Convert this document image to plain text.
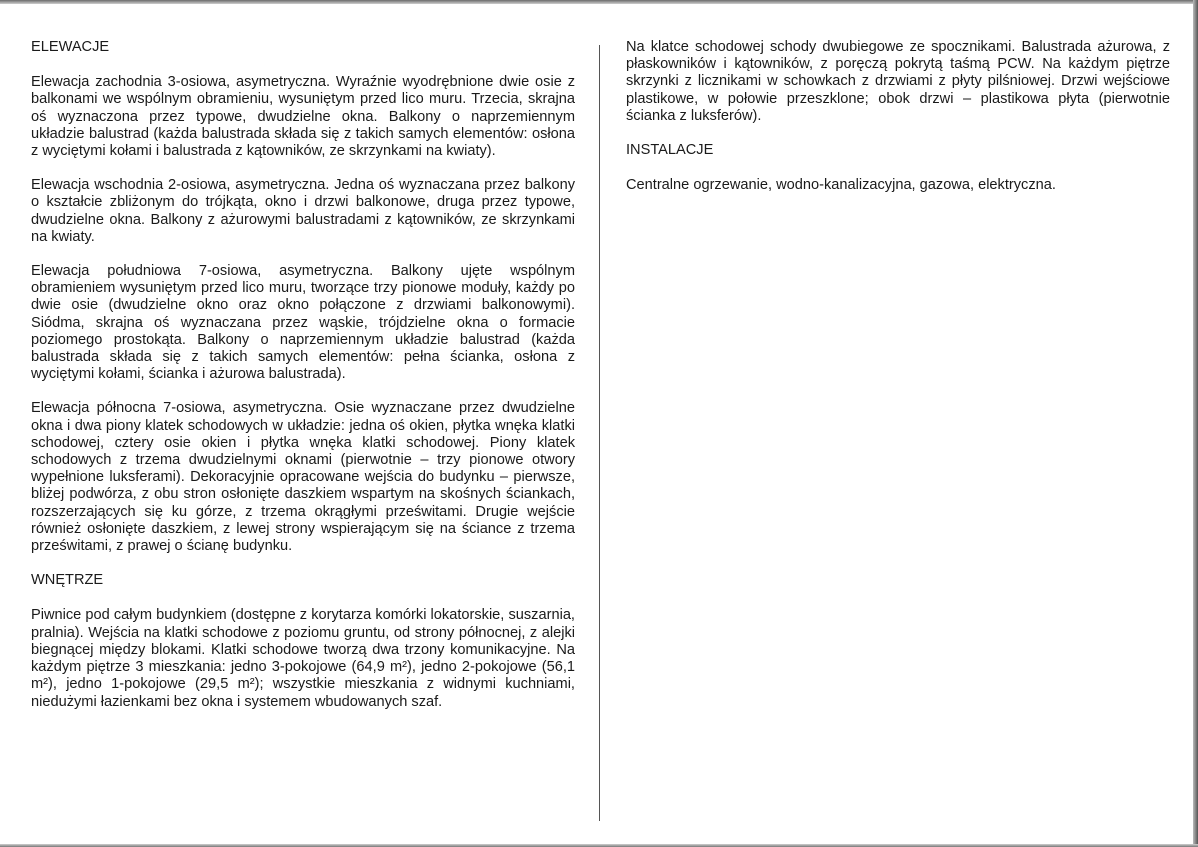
ELEWACJE

Elewacja zachodnia 3-osiowa, asymetryczna. Wyraźnie wyodrębnione dwie osie z balkonami we wspólnym obramieniu, wysuniętym przed lico muru. Trzecia, skrajna oś wyznaczona przez typowe, dwudzielne okna. Balkony o naprzemiennym układzie balustrad (każda balustrada składa się z takich samych elementów: osłona z wyciętymi kołami i balustrada z kątowników, ze skrzynkami na kwiaty).

Elewacja wschodnia 2-osiowa, asymetryczna. Jedna oś wyznaczana przez balkony o kształcie zbliżonym do trójkąta, okno i drzwi balkonowe, druga przez typowe, dwudzielne okna. Balkony z ażurowymi balustradami z kątowników, ze skrzynkami na kwiaty.

Elewacja południowa 7-osiowa, asymetryczna. Balkony ujęte wspólnym obramieniem wysuniętym przed lico muru, tworzące trzy pionowe moduły, każdy po dwie osie (dwudzielne okno oraz okno połączone z drzwiami balkonowymi). Siódma, skrajna oś wyznaczana przez wąskie, trójdzielne okna o formacie poziomego prostokąta. Balkony o naprzemiennym układzie balustrad (każda balustrada składa się z takich samych elementów: pełna ścianka, osłona z wyciętymi kołami, ścianka i ażurowa balustrada).

Elewacja północna 7-osiowa, asymetryczna. Osie wyznaczane przez dwudzielne okna i dwa piony klatek schodowych w układzie: jedna oś okien, płytka wnęka klatki schodowej, cztery osie okien i płytka wnęka klatki schodowej. Piony klatek schodowych z trzema dwudzielnymi oknami (pierwotnie – trzy pionowe otwory wypełnione luksferami). Dekoracyjnie opracowane wejścia do budynku – pierwsze, bliżej podwórza, z obu stron osłonięte daszkiem wspartym na skośnych ściankach, rozszerzających się ku górze, z trzema okrągłymi prześwitami. Drugie wejście również osłonięte daszkiem, z lewej strony wspierającym się na ściance z trzema prześwitami, z prawej o ścianę budynku.

WNĘTRZE

Piwnice pod całym budynkiem (dostępne z korytarza komórki lokatorskie, suszarnia, pralnia). Wejścia na klatki schodowe z poziomu gruntu, od strony północnej, z alejki biegnącej między blokami. Klatki schodowe tworzą dwa trzony komunikacyjne. Na każdym piętrze 3 mieszkania: jedno 3-pokojowe (64,9 m²), jedno 2-pokojowe (56,1 m²), jedno 1-pokojowe (29,5 m²); wszystkie mieszkania z widnymi kuchniami, niedużymi łazienkami bez okna i systemem wbudowanych szaf.

Na klatce schodowej schody dwubiegowe ze spocznikami. Balustrada ażurowa, z płaskowników i kątowników, z poręczą pokrytą taśmą PCW. Na każdym piętrze skrzynki z licznikami w schowkach z drzwiami z płyty pilśniowej. Drzwi wejściowe plastikowe, w połowie przeszklone; obok drzwi – plastikowa płyta (pierwotnie ścianka z luksferów).

INSTALACJE

Centralne ogrzewanie, wodno-kanalizacyjna, gazowa, elektryczna.
